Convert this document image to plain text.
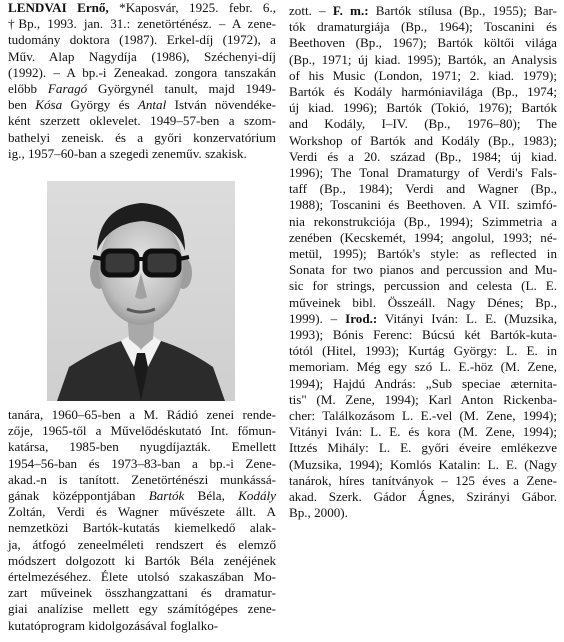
LENDVAI Ernő, *Kaposvár, 1925. febr. 6.,
†Bp., 1993. jan. 31.: zenetörténész. – A zene-
tudomány doktora (1987). Erkel-díj (1972), a
Műv. Alap Nagydíja (1986), Széchenyi-díj
(1992). – A bp.-i Zeneakad. zongora tanszakán
előbb Faragó Györgynél tanult, majd 1949-
ben Kósa György és Antal István növendéke-
ként szerzett oklevelet. 1949–57-ben a szom-
bathelyi zeneisk. és a győri konzervatórium
ig., 1957–60-ban a szegedi zeneműv. szakisk.
tanára, 1960–65-ben a M. Rádió zenei rende-
zője, 1965-től a Művelődéskutató Int. főmun-
katársa, 1985-ben nyugdíjazták. Emellett
1954–56-ban és 1973–83-ban a bp.-i Zene-
akad.-n is tanított. Zenetörténészi munkássá-
gának középpontjában Bartók Béla, Kodály
Zoltán, Verdi és Wagner művészete állt. A
nemzetközi Bartók-kutatás kiemelkedő alak-
ja, átfogó zeneelméleti rendszert és elemző
módszert dolgozott ki Bartók Béla zenéjének
értelmezéséhez. Élete utolsó szakaszában Mo-
zart műveinek összhangzattani és dramatur-
giai analízise mellett egy számítógépes zene-
kutatóprogram kidolgozásával foglalko-
zott. – F. m.: Bartók stílusa (Bp., 1955); Bar-
tók dramaturgiája (Bp., 1964); Toscanini és
Beethoven (Bp., 1967); Bartók költői világa
(Bp., 1971; új kiad. 1995); Bartók, an Analysis
of his Music (London, 1971; 2. kiad. 1979);
Bartók és Kodály harmóniavilága (Bp., 1974;
új kiad. 1996); Bartók (Tokió, 1976); Bartók
and Kodály, I–IV. (Bp., 1976–80); The
Workshop of Bartók and Kodály (Bp., 1983);
Verdi és a 20. század (Bp., 1984; új kiad.
1996); The Tonal Dramaturgy of Verdi's Fals-
taff (Bp., 1984); Verdi and Wagner (Bp.,
1988); Toscanini és Beethoven. A VII. szimfó-
nia rekonstrukciója (Bp., 1994); Szimmetria a
zenében (Kecskemét, 1994; angolul, 1993; né-
metül, 1995); Bartók's style: as reflected in
Sonata for two pianos and percussion and Mu-
sic for strings, percussion and celesta (L. E.
műveinek bibl. Összeáll. Nagy Dénes; Bp.,
1999). – Irod.: Vitányi Iván: L. E. (Muzsika,
1993); Bónis Ferenc: Búcsú két Bartók-kuta-
tótól (Hitel, 1993); Kurtág György: L. E. in
memoriam. Még egy szó L. E.-höz (M. Zene,
1994); Hajdú András: „Sub speciae æternita-
tis" (M. Zene, 1994); Karl Anton Rickenba-
cher: Találkozásom L. E.-vel (M. Zene, 1994);
Vitányi Iván: L. E. és kora (M. Zene, 1994);
Ittzés Mihály: L. E. győri éveire emlékezve
(Muzsika, 1994); Komlós Katalin: L. E. (Nagy
tanárok, híres tanítványok – 125 éves a Zene-
akad. Szerk. Gádor Ágnes, Szirányi Gábor.
Bp., 2000).
